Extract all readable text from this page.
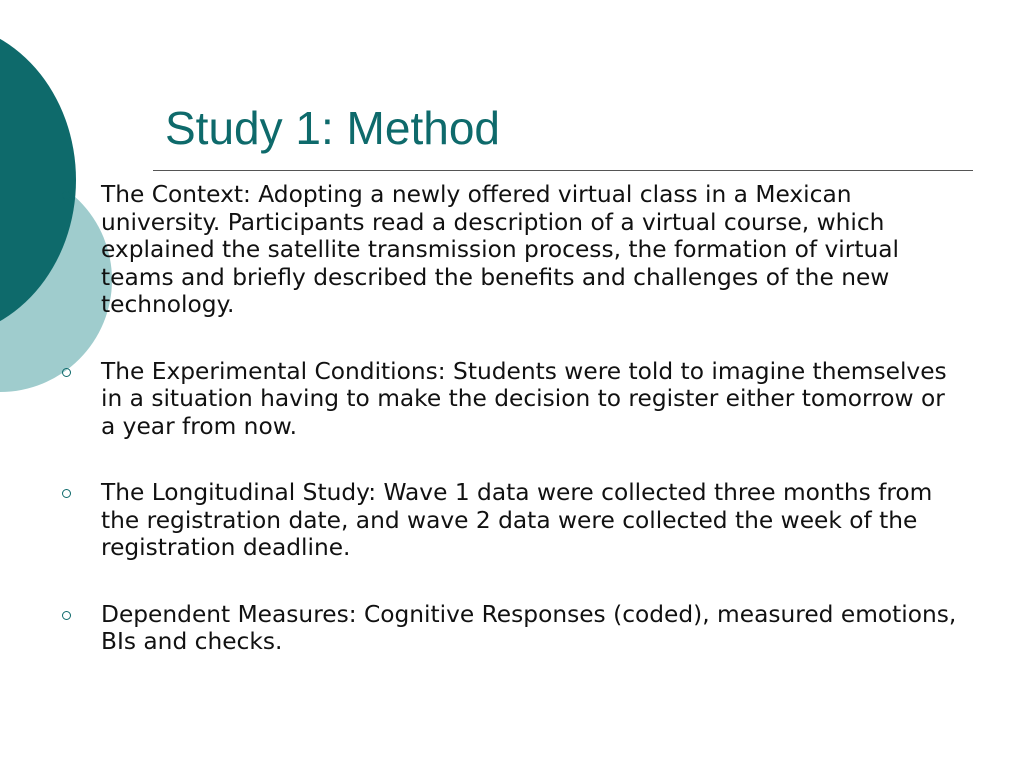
Study 1: Method
The Context: Adopting a newly offered virtual class in a Mexican university. Participants read a description of a virtual course, which explained the satellite transmission process, the formation of virtual teams and briefly described the benefits and challenges of the new technology.
The Experimental Conditions: Students were told to imagine themselves in a situation having to make the decision to register either tomorrow or a year from now.
The Longitudinal Study: Wave 1 data were collected three months from the registration date, and wave 2 data were collected the week of the registration deadline.
Dependent Measures: Cognitive Responses (coded), measured emotions, BIs and checks.
